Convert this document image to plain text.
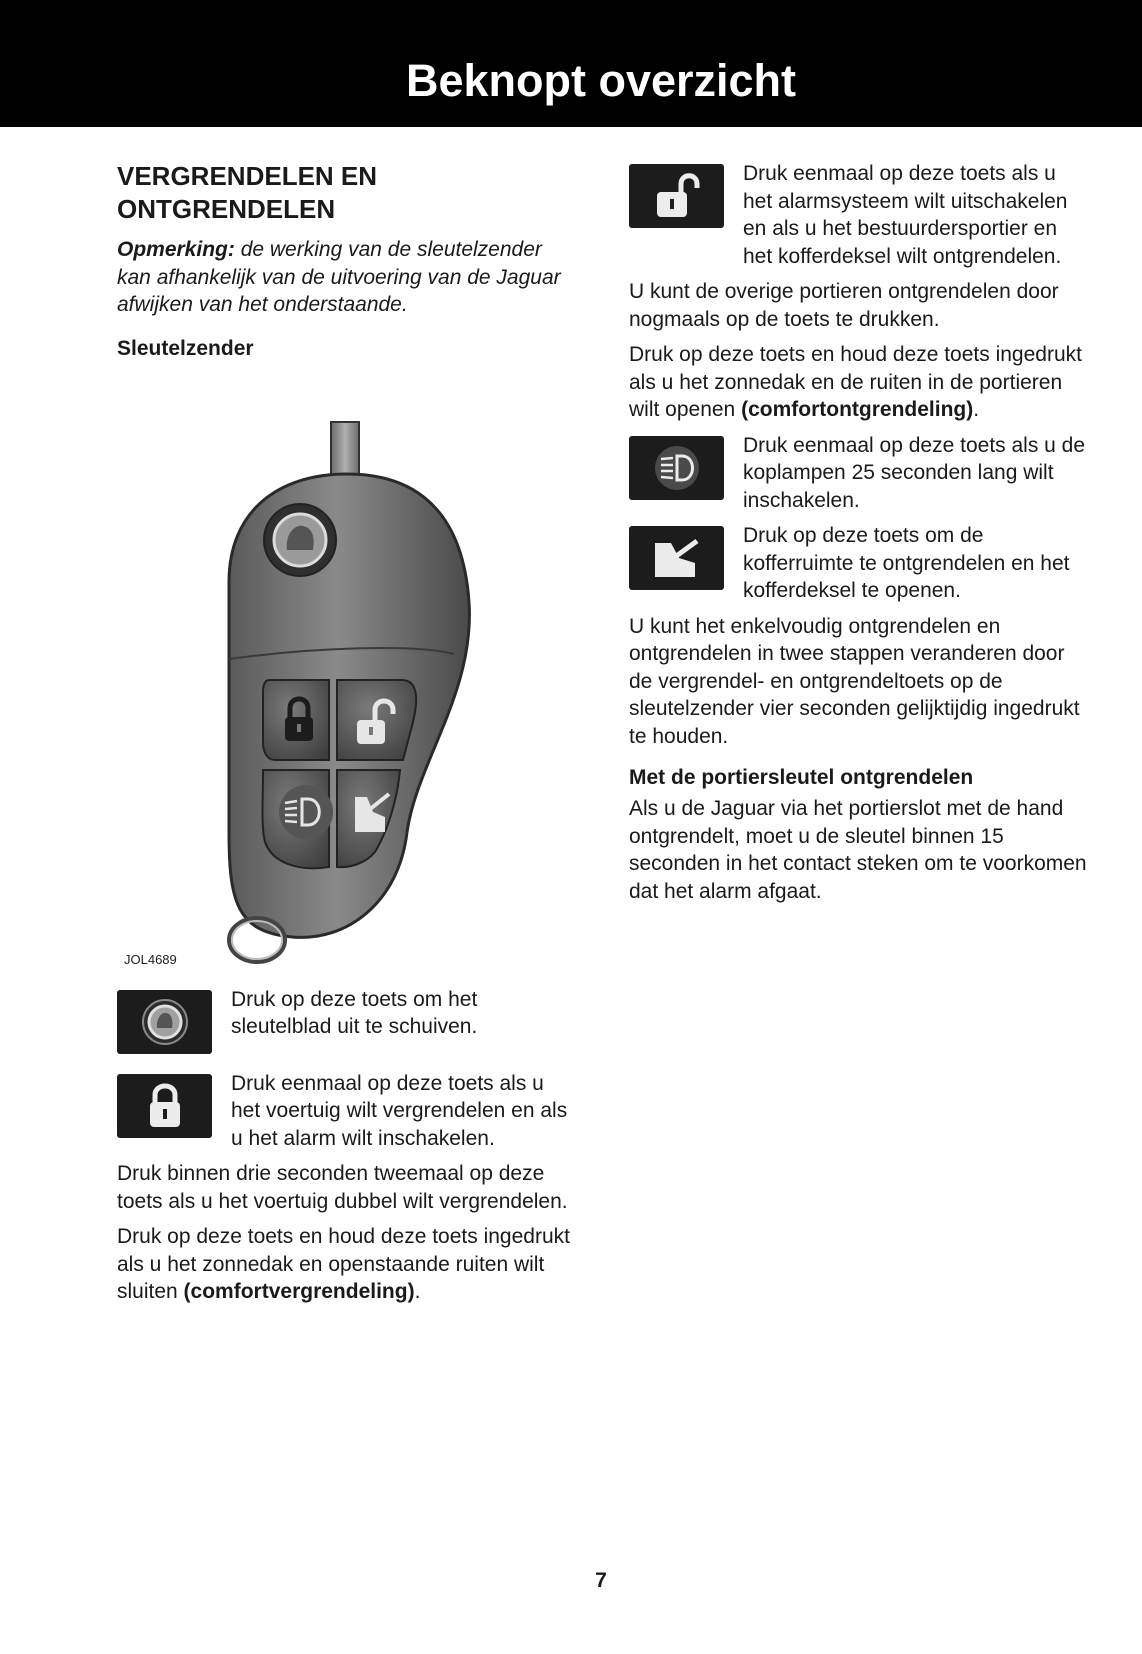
Beknopt overzicht
VERGRENDELEN EN ONTGRENDELEN

Opmerking: de werking van de sleutelzender kan afhankelijk van de uitvoering van de Jaguar afwijken van het onderstaande.

Sleutelzender
JOL4689

Druk op deze toets om het sleutelblad uit te schuiven.

Druk eenmaal op deze toets als u het voertuig wilt vergrendelen en als u het alarm wilt inschakelen.

Druk binnen drie seconden tweemaal op deze toets als u het voertuig dubbel wilt vergrendelen.

Druk op deze toets en houd deze toets ingedrukt als u het zonnedak en openstaande ruiten wilt sluiten (comfortvergrendeling).

Druk eenmaal op deze toets als u het alarmsysteem wilt uitschakelen en als u het bestuurdersportier en het kofferdeksel wilt ontgrendelen.

U kunt de overige portieren ontgrendelen door nogmaals op de toets te drukken.

Druk op deze toets en houd deze toets ingedrukt als u het zonnedak en de ruiten in de portieren wilt openen (comfortontgrendeling).

Druk eenmaal op deze toets als u de koplampen 25 seconden lang wilt inschakelen.

Druk op deze toets om de kofferruimte te ontgrendelen en het kofferdeksel te openen.

U kunt het enkelvoudig ontgrendelen en ontgrendelen in twee stappen veranderen door de vergrendel- en ontgrendeltoets op de sleutelzender vier seconden gelijktijdig ingedrukt te houden.

Met de portiersleutel ontgrendelen

Als u de Jaguar via het portierslot met de hand ontgrendelt, moet u de sleutel binnen 15 seconden in het contact steken om te voorkomen dat het alarm afgaat.

7
